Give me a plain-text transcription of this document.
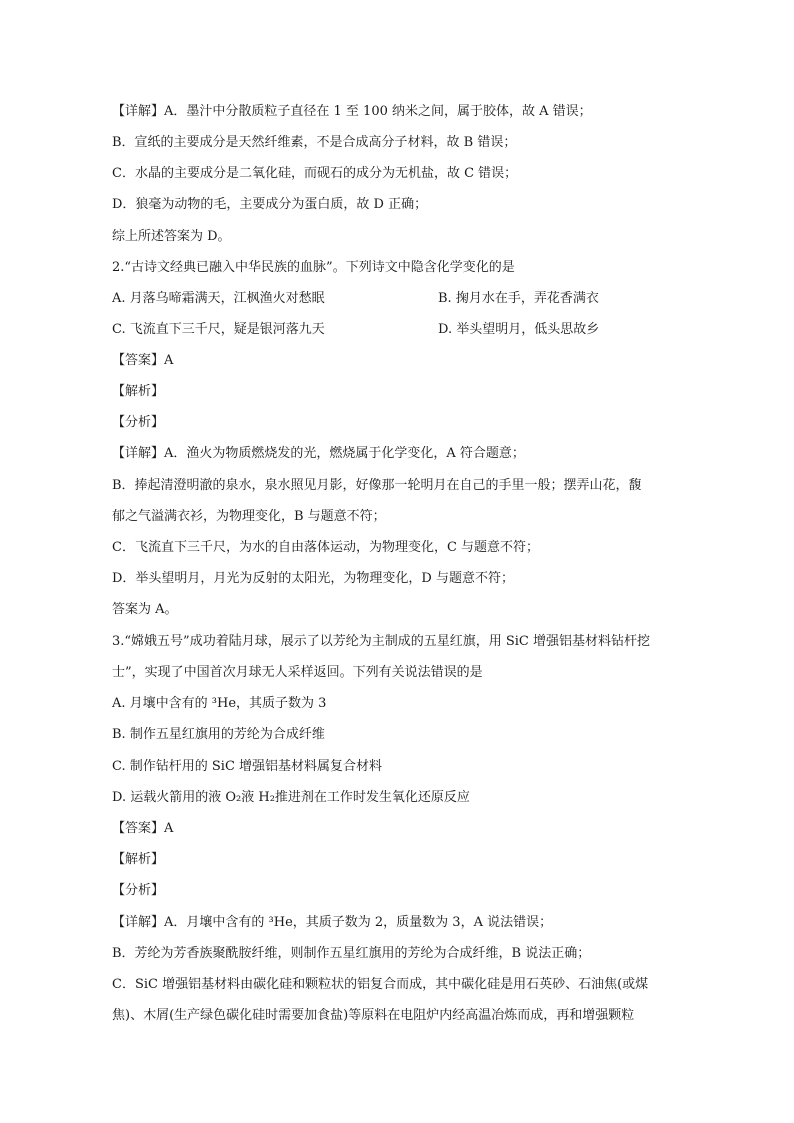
【详解】A．墨汁中分散质粒子直径在 1 至 100 纳米之间，属于胶体，故 A 错误；
B．宣纸的主要成分是天然纤维素，不是合成高分子材料，故 B 错误；
C．水晶的主要成分是二氧化硅，而砚石的成分为无机盐，故 C 错误；
D．狼毫为动物的毛，主要成分为蛋白质，故 D 正确；
综上所述答案为 D。
2.“古诗文经典已融入中华民族的血脉”。下列诗文中隐含化学变化的是
A. 月落乌啼霜满天，江枫渔火对愁眠	B. 掬月水在手，弄花香满衣
C. 飞流直下三千尺，疑是银河落九天	D. 举头望明月，低头思故乡
【答案】A
【解析】
【分析】
【详解】A．渔火为物质燃烧发的光，燃烧属于化学变化，A 符合题意；
B．捧起清澄明澈的泉水，泉水照见月影，好像那一轮明月在自己的手里一般；摆弄山花，馥
郁之气溢满衣衫，为物理变化，B 与题意不符；
C．飞流直下三千尺，为水的自由落体运动，为物理变化，C 与题意不符；
D．举头望明月，月光为反射的太阳光，为物理变化，D 与题意不符；
答案为 A。
3.“嫦娥五号”成功着陆月球，展示了以芳纶为主制成的五星红旗，用 SiC 增强铝基材料钻杆挖
士”，实现了中国首次月球无人采样返回。下列有关说法错误的是
A. 月壤中含有的 ³He，其质子数为 3
B. 制作五星红旗用的芳纶为合成纤维
C. 制作钻杆用的 SiC 增强铝基材料属复合材料
D. 运载火箭用的液 O₂液 H₂推进剂在工作时发生氧化还原反应
【答案】A
【解析】
【分析】
【详解】A．月壤中含有的 ³He，其质子数为 2，质量数为 3，A 说法错误；
B．芳纶为芳香族聚酰胺纤维，则制作五星红旗用的芳纶为合成纤维，B 说法正确；
C．SiC 增强铝基材料由碳化硅和颗粒状的铝复合而成，其中碳化硅是用石英砂、石油焦(或煤
焦)、木屑(生产绿色碳化硅时需要加食盐)等原料在电阻炉内经高温冶炼而成，再和增强颗粒
